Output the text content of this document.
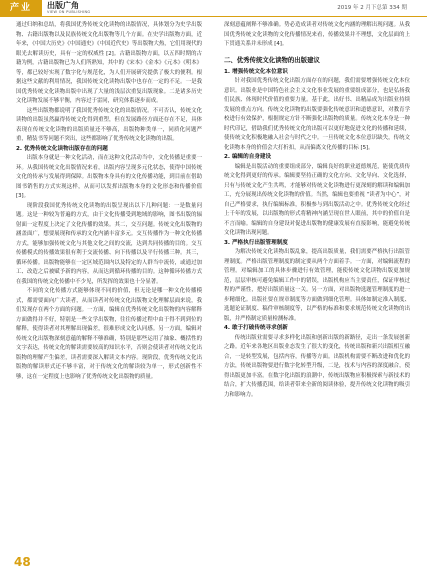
产业	出版广角
VIEW ON PUBLISHING
2019 年 2 月下总第 334 期

通过归纳和总结，将我国优秀传统文化读物的出版情况，具体划分为史学出版物、古籍出版物以及民族传统文化出版物等几个方面。在史学出版物方面，近年来，《中国大历史》《中国通史》《中国近代史》等出版物大热，它们用现代的眼光去解读历史，具有一定的权威性 [2]。古籍出版物方面，以五四时期的古籍为例，古籍出版物已为人们所熟知，其中的《宋本》《金本》《元本》《明本》等，都已较好实现了数字化与规范化，为人们开展研究提供了极大的便利。根据这些文献的利用情况，我国传统文化读物出版中也存在一定的不足。一是我国优秀传统文化读物出版中出现了大量的浅层次重复出版现象。二是诸多历史文化读物发展不够平衡，内容过于雷同，研究体系逐步而成。

这些出版物都说明了我国优秀传统文化的出版情况。不可否认，传统文化读物的出版虽然赢得传统文化得到重塑，但在发展路径方面还存在不足，具体表现在传统文化读物的出版质量还不够高，出版物种类单一，同质化问题严重，精装书等问题不突出，这些都影响了优秀传统文化读物的出版。

2. 优秀传统文化读物出版存在的问题

出版本身就是一种文化活动，而在这种文化活动当中，文化传播是重要一环。从我国传统文化出版情况来看，出版内容呈现多元化状态，使得中国传统文化的传承与发展得到保障。出版物本身具有的文化传播功能，到目前在借助图书销售的方式实现这样，从而可以发挥出版物本身的文化形态和传播价值 [3]。

现阶段我国优秀传统文化读物的出版呈现出以下几种问题：一是数量问题。这是一种较为普遍的方式，由于文化传播受到地域的影响，图书出版的辐射面一定程度上决定了文化传播的效果。其二，交互问题。传统文化出版物的涵盖面广，想要展现和传承的文化内涵丰富多元。交互传播作为一种文化传播方式，能够加强传统文化与其他文化之间的交流，达到共同传播的目的。交互传播模式的传播效果很有利于交流传播、向下传播以及平行传播三种。其三，循环传播。出版物能够在一定区域范围内以及特定的人群当中流传，或通过加工、改造之后被赋予新的内容，从而达到循环传播的目的。这种循环传播方式在我国的传统文化传播中不少见，所发挥的效果也十分显著。

不同的文化传播方式能够体现不同的价值，但无论是哪一种文化传播模式，都需要面向广大读者，从而读者对传统文化出版物文化理解层面来说，我们发现存在两个方面的问题。一方面，编辑在优秀传统文化出版物的内容解释方面做得并不好，特别是一些文学出版物，往往传播过程中由于得不到到位的解释，使得读者对其理解出现偏差，很难形成文化认同感。另一方面，编辑对传统文化出版物深刻意蕴的解释不够准确，特别是那些运用了抽象、概括性的文字表达，传统文化的解读需要较高的知识水平，否则会使读者对传统文化出版物的理解产生偏差，读者需要深入解读文本内容。现阶段，优秀传统文化出版物的解读形式还不够丰富，对于传统文化的解读较为单一，形式创新性不够，这在一定程度上也影响了优秀传统文化出版物的质量。

深刻意蕴阐释不够准确。势必造成读者对传统文化内涵的理解出现问题。从我国优秀传统文化读物的文化传播情况来看，传播效果并不理想，文化层面的上下贯通关系并未形成 [4]。

二、优秀传统文化读物的出版建议
1. 增强传统文化本位意识

针对我国优秀传统文化出版方面存在的问题，我们需要增强传统文化本位意识。出版业是中国特色社会主义文化事业发展的重要组成部分，也是弘扬我们民族、体现时代价值的重要力量。基于此，出好书、出精品成为出版业持续发展的重点方向。传统文化读物的出版要强化传统意识和道德意识，对教育学校进行有效保护，根据规定方针不断强化出版物的质量。传统文化本身是一种时代印记，借助我们优秀传统文化的出版可以更好地促进文化的传播和延续，使传统文化积极地融入社会与时代之中。一旦传统文化本位意识缺失，传统文化读物本身的价值会大打折扣，从而偏离文化传播的目标 [5]。

2. 编辑的自身建设

编辑是出版活动的重要组成部分，编辑良好的职业道德规范，能使优质传统文化得到更好的传承。编辑要坚持正确的文化方向、文化导向、文化选择，只有与传统文化产生共鸣，才能够对传统文化读物进行更深刻的解读和编辑加工，充分展现出传统文化读物的价值。当然，编辑也要重视 “读者为中心”，对自己严格要求，执行编辑标准，积极参与到出版活动之中。优秀传统文化经过上千年的发展，以出版物的形式将精神内涵呈现在世人眼前，其中的价值自是不言而喻。编辑的自身建设对促进出版物的健康发展有直接影响，能避免传统文化读物出现问题。

3. 严格执行出版管理制度

为解决传统文化读物出版乱象，提高出版质量，我们需要严格执行出版管理制度。严格出版管理制度的制定要从两个方面着手。一方面，对编辑流程的管理。对编辑加工的具体步骤进行有效管理，能使传统文化读物出版更加规范，层层审核可避免编辑工作中的错误，出版机构应当主要责任，保证审核过程的严谨性，把好出版质量这一关。另一方面，对出版物选题管理制度的进一步精细化。出版社要在规章制度等方面做到细化管理。具体如制定准入制度、选题论证制度、稿件审核制度等，以严格的标准和要求规范传统文化读物的出版，并严格制定质量检测标准。

4. 敢于打破传统寻求创新

传统出版业需要寻求多样化出版和创新出版的新路径，走出一条发展创新之路。近年来各地区出版业态发生了很大的变化，传统出版和新兴出版相互融合，一是转型发展，包括内容，传播等方面。出版机构需要不断改进和优化的方法，传统出版物要进行数字化转型升级，二是，技术与内容的深度融合，使得出版更加丰富。在数字化出版的浪潮中，传统出版物应积极探索与新技术的结合，扩大传播范围，给读者带来全新的阅读体验，提升传统文化读物的吸引力和影响力。

48
